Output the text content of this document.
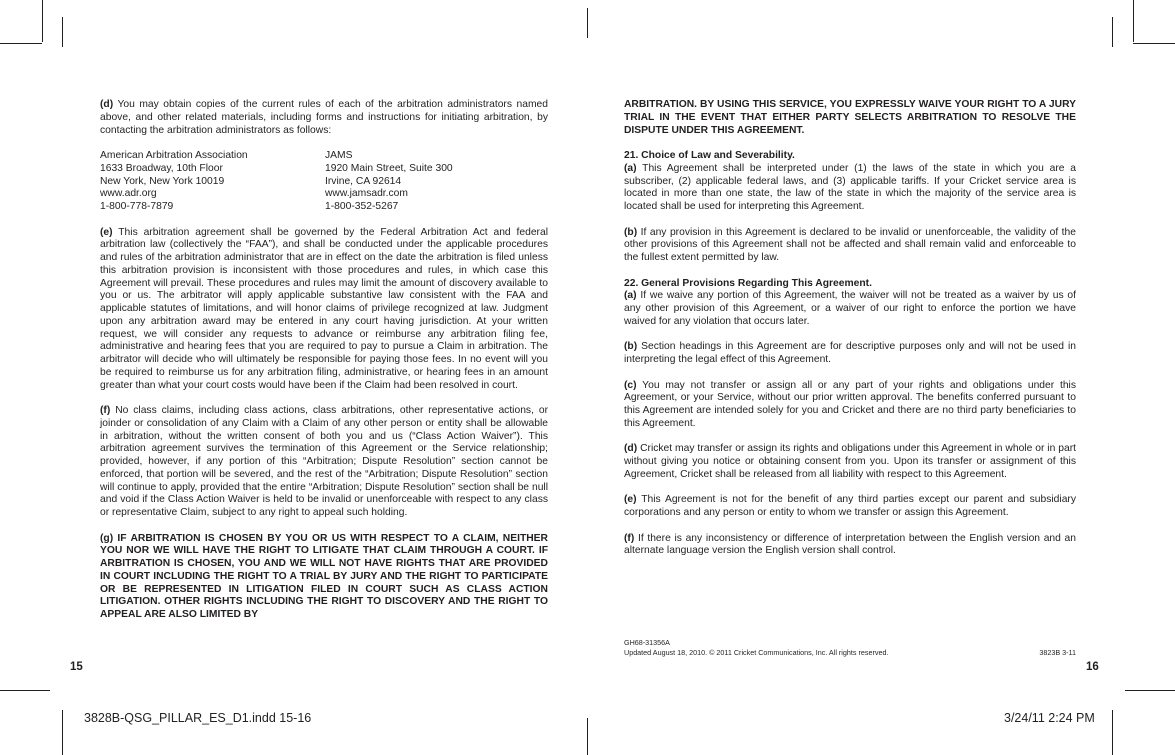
(d) You may obtain copies of the current rules of each of the arbitration administrators named above, and other related materials, including forms and instructions for initiating arbitration, by contacting the arbitration administrators as follows:

American Arbitration Association
1633 Broadway, 10th Floor
New York, New York 10019
www.adr.org
1-800-778-7879
JAMS
1920 Main Street, Suite 300
Irvine, CA 92614
www.jamsadr.com
1-800-352-5267

(e) This arbitration agreement shall be governed by the Federal Arbitration Act and federal arbitration law (collectively the “FAA”), and shall be conducted under the applicable procedures and rules of the arbitration administrator that are in effect on the date the arbitration is filed unless this arbitration provision is inconsistent with those procedures and rules, in which case this Agreement will prevail. These procedures and rules may limit the amount of discovery available to you or us. The arbitrator will apply applicable substantive law consistent with the FAA and applicable statutes of limitations, and will honor claims of privilege recognized at law. Judgment upon any arbitration award may be entered in any court having jurisdiction. At your written request, we will consider any requests to advance or reimburse any arbitration filing fee, administrative and hearing fees that you are required to pay to pursue a Claim in arbitration. The arbitrator will decide who will ultimately be responsible for paying those fees. In no event will you be required to reimburse us for any arbitration filing, administrative, or hearing fees in an amount greater than what your court costs would have been if the Claim had been resolved in court.

(f) No class claims, including class actions, class arbitrations, other representative actions, or joinder or consolidation of any Claim with a Claim of any other person or entity shall be allowable in arbitration, without the written consent of both you and us (“Class Action Waiver”). This arbitration agreement survives the termination of this Agreement or the Service relationship; provided, however, if any portion of this “Arbitration; Dispute Resolution” section cannot be enforced, that portion will be severed, and the rest of the “Arbitration; Dispute Resolution” section will continue to apply, provided that the entire “Arbitration; Dispute Resolution” section shall be null and void if the Class Action Waiver is held to be invalid or unenforceable with respect to any class or representative Claim, subject to any right to appeal such holding.

(g) IF ARBITRATION IS CHOSEN BY YOU OR US WITH RESPECT TO A CLAIM, NEITHER YOU NOR WE WILL HAVE THE RIGHT TO LITIGATE THAT CLAIM THROUGH A COURT. IF ARBITRATION IS CHOSEN, YOU AND WE WILL NOT HAVE RIGHTS THAT ARE PROVIDED IN COURT INCLUDING THE RIGHT TO A TRIAL BY JURY AND THE RIGHT TO PARTICIPATE OR BE REPRESENTED IN LITIGATION FILED IN COURT SUCH AS CLASS ACTION LITIGATION. OTHER RIGHTS INCLUDING THE RIGHT TO DISCOVERY AND THE RIGHT TO APPEAL ARE ALSO LIMITED BY

15

ARBITRATION. BY USING THIS SERVICE, YOU EXPRESSLY WAIVE YOUR RIGHT TO A JURY TRIAL IN THE EVENT THAT EITHER PARTY SELECTS ARBITRATION TO RESOLVE THE DISPUTE UNDER THIS AGREEMENT.

21. Choice of Law and Severability.

(a) This Agreement shall be interpreted under (1) the laws of the state in which you are a subscriber, (2) applicable federal laws, and (3) applicable tariffs. If your Cricket service area is located in more than one state, the law of the state in which the majority of the service area is located shall be used for interpreting this Agreement.

(b) If any provision in this Agreement is declared to be invalid or unenforceable, the validity of the other provisions of this Agreement shall not be affected and shall remain valid and enforceable to the fullest extent permitted by law.

22. General Provisions Regarding This Agreement.

(a) If we waive any portion of this Agreement, the waiver will not be treated as a waiver by us of any other provision of this Agreement, or a waiver of our right to enforce the portion we have waived for any violation that occurs later.

(b) Section headings in this Agreement are for descriptive purposes only and will not be used in interpreting the legal effect of this Agreement.

(c) You may not transfer or assign all or any part of your rights and obligations under this Agreement, or your Service, without our prior written approval. The benefits conferred pursuant to this Agreement are intended solely for you and Cricket and there are no third party beneficiaries to this Agreement.

(d) Cricket may transfer or assign its rights and obligations under this Agreement in whole or in part without giving you notice or obtaining consent from you. Upon its transfer or assignment of this Agreement, Cricket shall be released from all liability with respect to this Agreement.

(e) This Agreement is not for the benefit of any third parties except our parent and subsidiary corporations and any person or entity to whom we transfer or assign this Agreement.

(f) If there is any inconsistency or difference of interpretation between the English version and an alternate language version the English version shall control.

GH68-31356A
Updated August 18, 2010. © 2011 Cricket Communications, Inc. All rights reserved.	3823B 3-11
16
3828B-QSG_PILLAR_ES_D1.indd 15-16	3/24/11 2:24 PM
